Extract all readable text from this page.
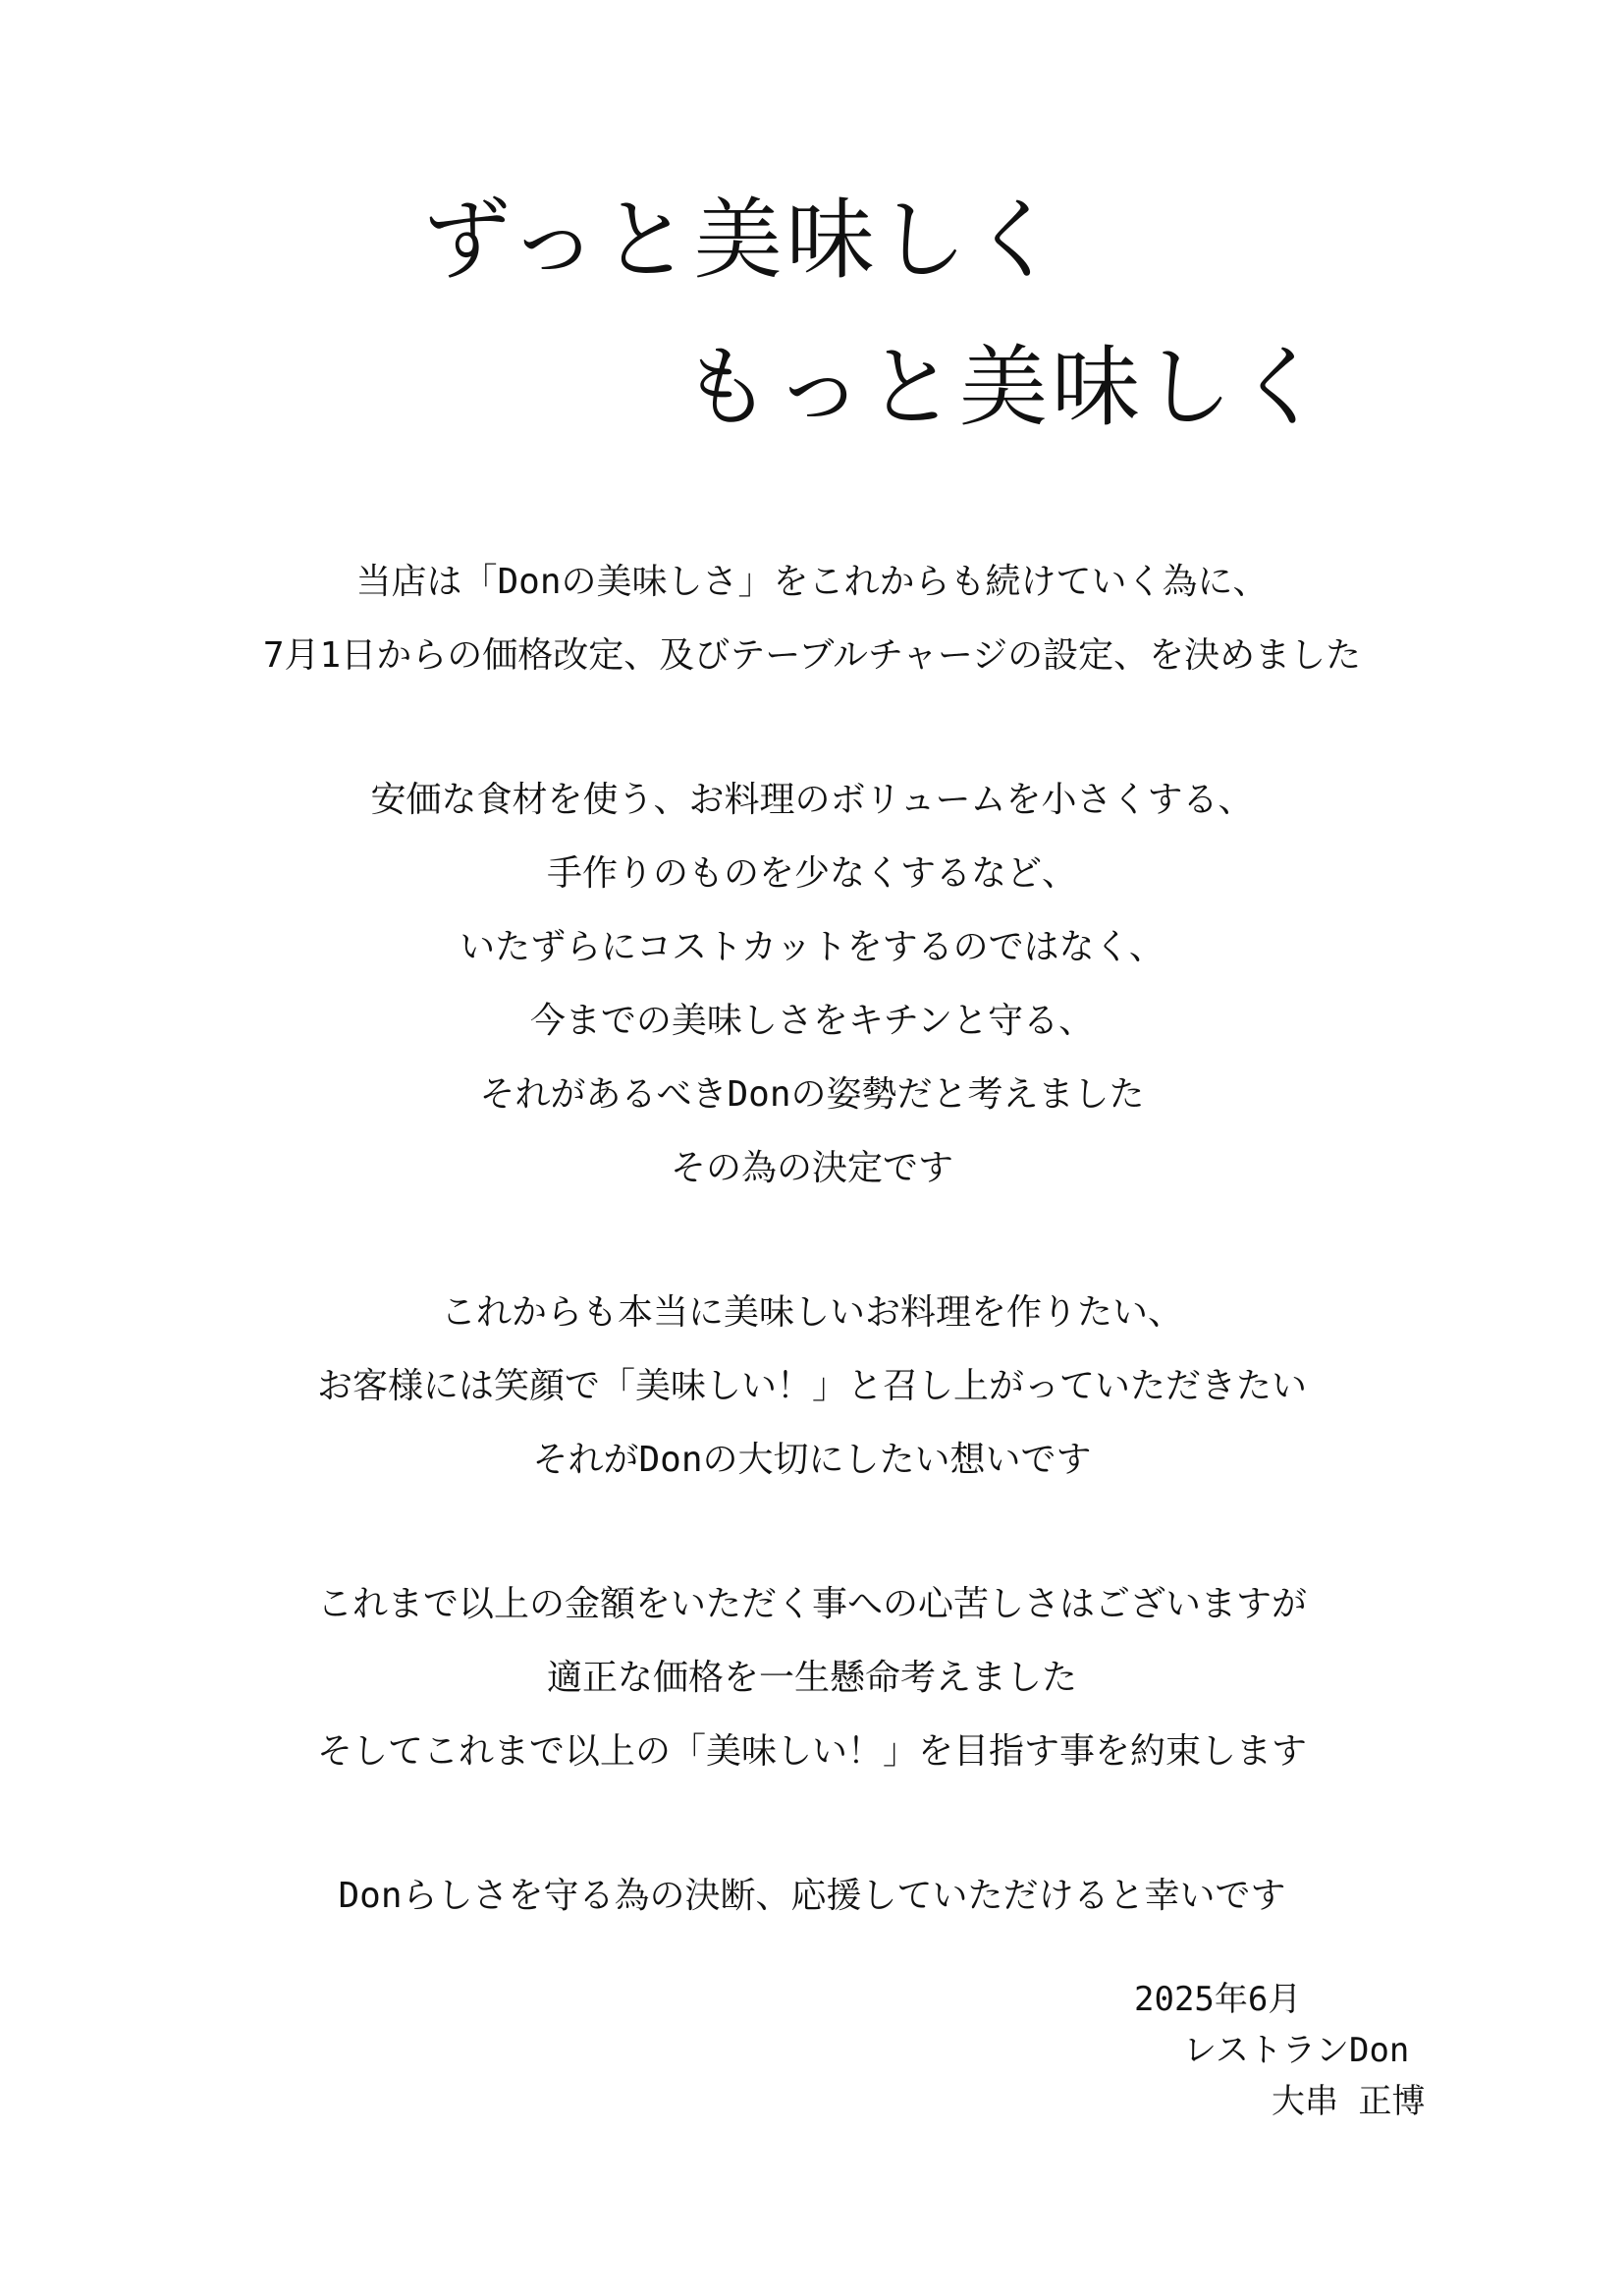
ずっと美味しく
もっと美味しく
当店は「Donの美味しさ」をこれからも続けていく為に、
7月1日からの価格改定、及びテーブルチャージの設定、を決めました
安価な食材を使う、お料理のボリュームを小さくする、
手作りのものを少なくするなど、
いたずらにコストカットをするのではなく、
今までの美味しさをキチンと守る、
それがあるべきDonの姿勢だと考えました
その為の決定です
これからも本当に美味しいお料理を作りたい、
お客様には笑顔で「美味しい！」と召し上がっていただきたい
それがDonの大切にしたい想いです
これまで以上の金額をいただく事への心苦しさはございますが
適正な価格を一生懸命考えました
そしてこれまで以上の「美味しい！」を目指す事を約束します
Donらしさを守る為の決断、応援していただけると幸いです
2025年6月
レストランDon
大串 正博
